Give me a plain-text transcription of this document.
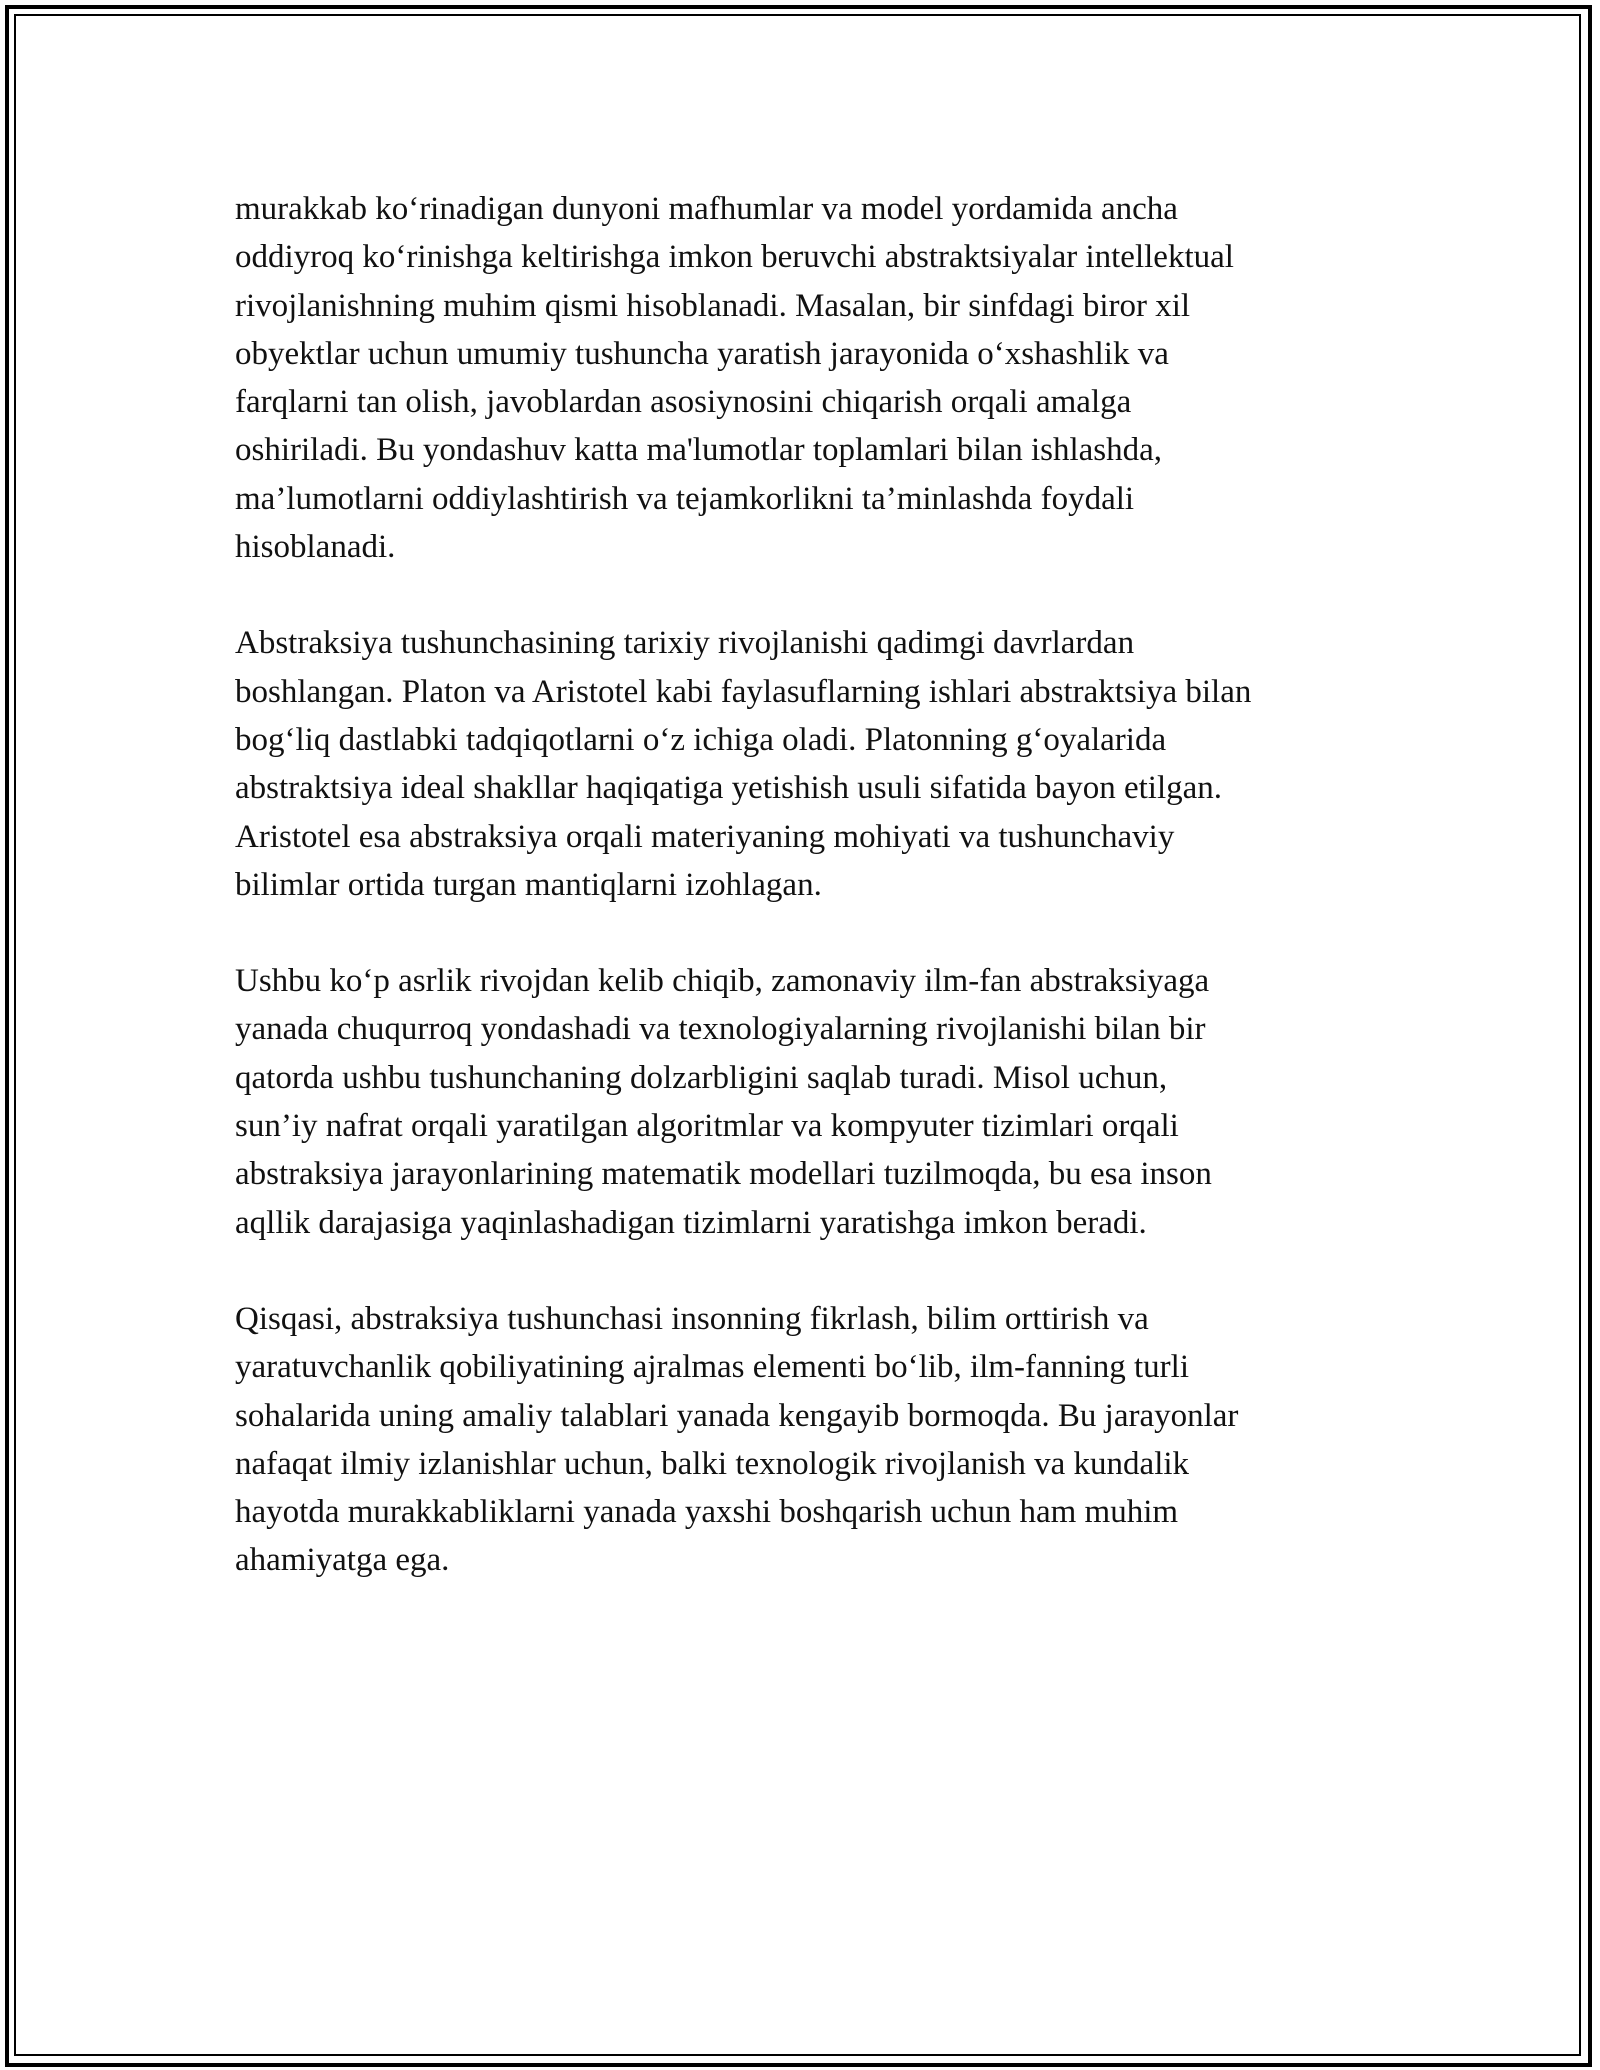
murakkab ko‘rinadigan dunyoni mafhumlar va model yordamida ancha
oddiyroq ko‘rinishga keltirishga imkon beruvchi abstraktsiyalar intellektual
rivojlanishning muhim qismi hisoblanadi. Masalan, bir sinfdagi biror xil
obyektlar uchun umumiy tushuncha yaratish jarayonida o‘xshashlik va
farqlarni tan olish, javoblardan asosiynosini chiqarish orqali amalga
oshiriladi. Bu yondashuv katta ma'lumotlar toplamlari bilan ishlashda,
ma’lumotlarni oddiylashtirish va tejamkorlikni ta’minlashda foydali
hisoblanadi.

Abstraksiya tushunchasining tarixiy rivojlanishi qadimgi davrlardan
boshlangan. Platon va Aristotel kabi faylasuflarning ishlari abstraktsiya bilan
bog‘liq dastlabki tadqiqotlarni o‘z ichiga oladi. Platonning g‘oyalarida
abstraktsiya ideal shakllar haqiqatiga yetishish usuli sifatida bayon etilgan.
Aristotel esa abstraksiya orqali materiyaning mohiyati va tushunchaviy
bilimlar ortida turgan mantiqlarni izohlagan.

Ushbu ko‘p asrlik rivojdan kelib chiqib, zamonaviy ilm-fan abstraksiyaga
yanada chuqurroq yondashadi va texnologiyalarning rivojlanishi bilan bir
qatorda ushbu tushunchaning dolzarbligini saqlab turadi. Misol uchun,
sun’iy nafrat orqali yaratilgan algoritmlar va kompyuter tizimlari orqali
abstraksiya jarayonlarining matematik modellari tuzilmoqda, bu esa inson
aqllik darajasiga yaqinlashadigan tizimlarni yaratishga imkon beradi.

Qisqasi, abstraksiya tushunchasi insonning fikrlash, bilim orttirish va
yaratuvchanlik qobiliyatining ajralmas elementi bo‘lib, ilm-fanning turli
sohalarida uning amaliy talablari yanada kengayib bormoqda. Bu jarayonlar
nafaqat ilmiy izlanishlar uchun, balki texnologik rivojlanish va kundalik
hayotda murakkabliklarni yanada yaxshi boshqarish uchun ham muhim
ahamiyatga ega.
